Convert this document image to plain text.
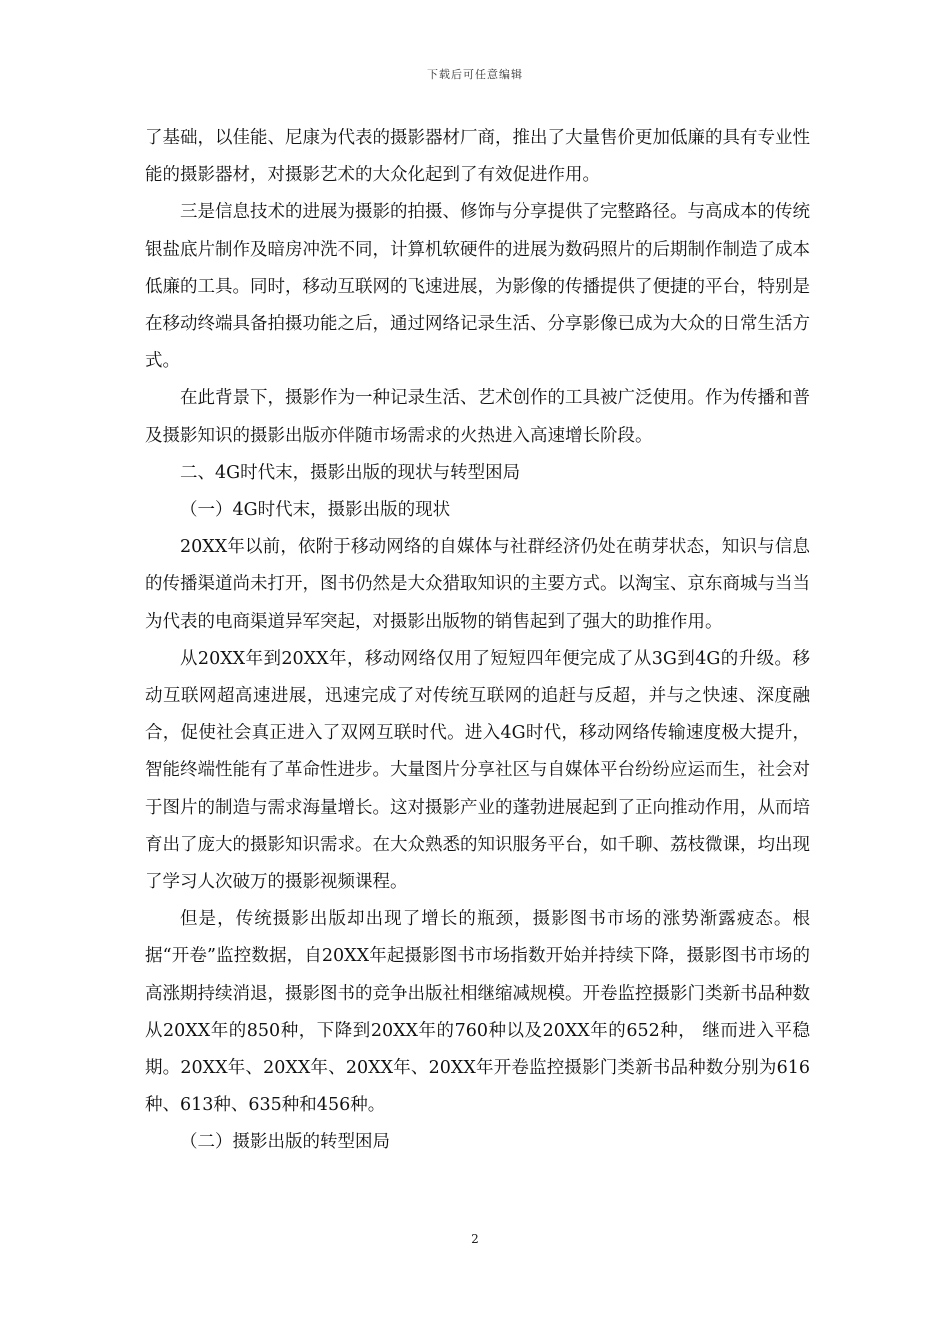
下载后可任意编辑

了基础，以佳能、尼康为代表的摄影器材厂商，推出了大量售价更加低廉的具有专业性能的摄影器材，对摄影艺术的大众化起到了有效促进作用。

三是信息技术的进展为摄影的拍摄、修饰与分享提供了完整路径。与高成本的传统银盐底片制作及暗房冲洗不同，计算机软硬件的进展为数码照片的后期制作制造了成本低廉的工具。同时，移动互联网的飞速进展，为影像的传播提供了便捷的平台，特别是在移动终端具备拍摄功能之后，通过网络记录生活、分享影像已成为大众的日常生活方式。

在此背景下，摄影作为一种记录生活、艺术创作的工具被广泛使用。作为传播和普及摄影知识的摄影出版亦伴随市场需求的火热进入高速增长阶段。

二、4G时代末，摄影出版的现状与转型困局

（一）4G时代末，摄影出版的现状

20XX年以前，依附于移动网络的自媒体与社群经济仍处在萌芽状态，知识与信息的传播渠道尚未打开，图书仍然是大众猎取知识的主要方式。以淘宝、京东商城与当当为代表的电商渠道异军突起，对摄影出版物的销售起到了强大的助推作用。

从20XX年到20XX年，移动网络仅用了短短四年便完成了从3G到4G的升级。移动互联网超高速进展，迅速完成了对传统互联网的追赶与反超，并与之快速、深度融合，促使社会真正进入了双网互联时代。进入4G时代，移动网络传输速度极大提升，智能终端性能有了革命性进步。大量图片分享社区与自媒体平台纷纷应运而生，社会对于图片的制造与需求海量增长。这对摄影产业的蓬勃进展起到了正向推动作用，从而培育出了庞大的摄影知识需求。在大众熟悉的知识服务平台，如千聊、荔枝微课，均出现了学习人次破万的摄影视频课程。

但是，传统摄影出版却出现了增长的瓶颈，摄影图书市场的涨势渐露疲态。根据“开卷”监控数据，自20XX年起摄影图书市场指数开始并持续下降，摄影图书市场的高涨期持续消退，摄影图书的竞争出版社相继缩减规模。开卷监控摄影门类新书品种数从20XX年的850种，下降到20XX年的760种以及20XX年的652种， 继而进入平稳期。20XX年、20XX年、20XX年、20XX年开卷监控摄影门类新书品种数分别为616种、613种、635种和456种。

（二）摄影出版的转型困局

2
